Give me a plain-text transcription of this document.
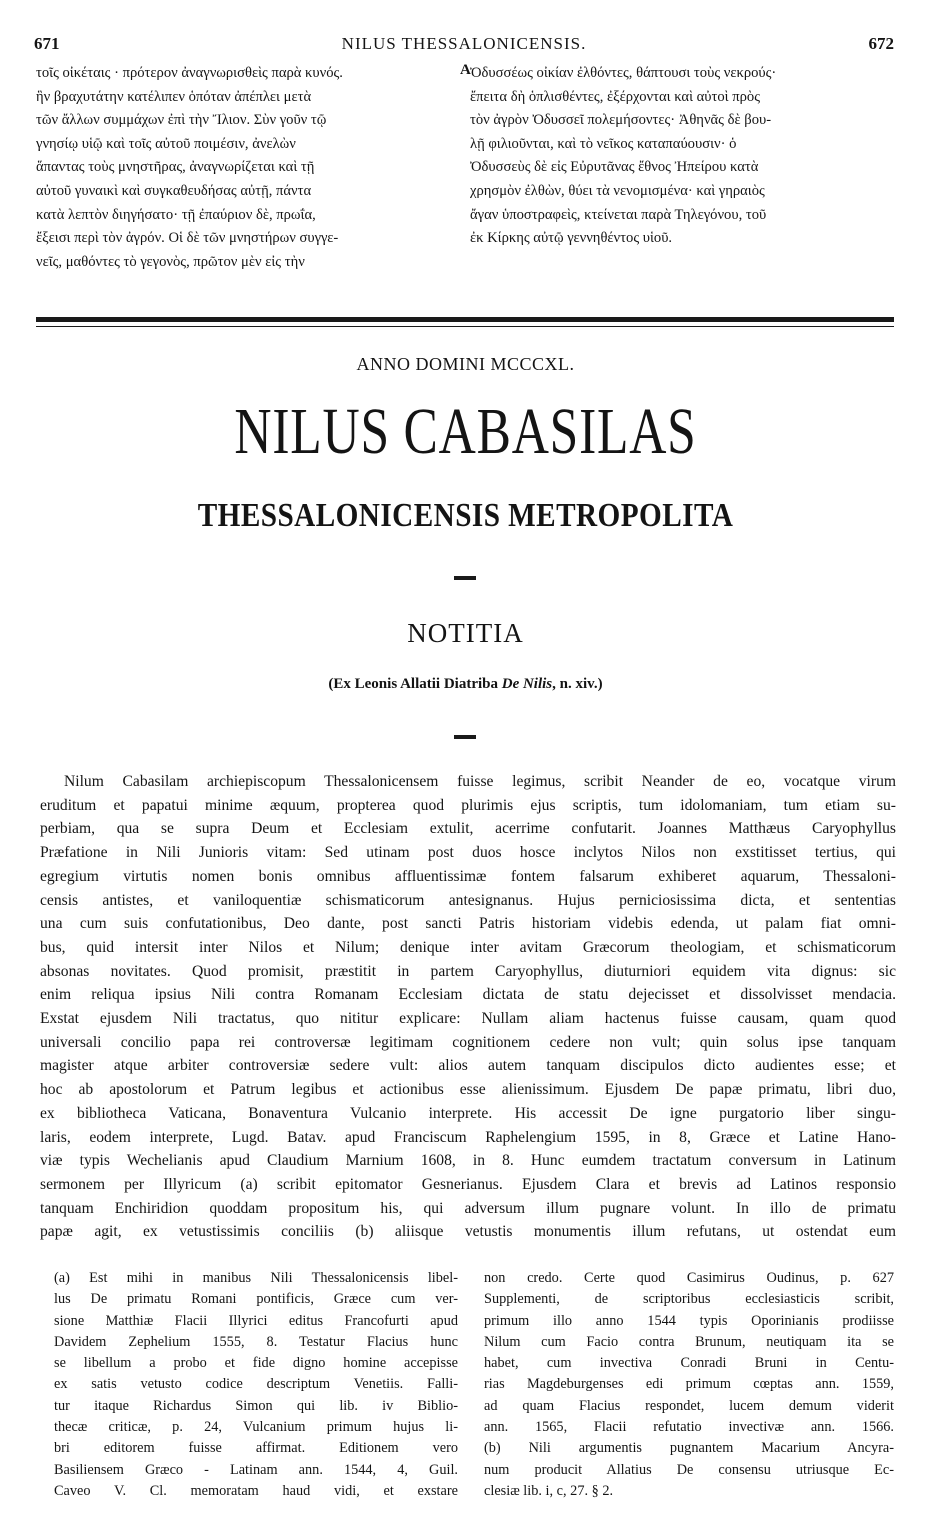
671	NILUS THESSALONICENSIS.	672
τοῖς οἰκέταις · πρότερον ἀναγνωρισθεὶς παρὰ κυνός.
ἣν βραχυτάτην κατέλιπεν ὁπόταν ἀπέπλει μετὰ
τῶν ἄλλων συμμάχων ἐπὶ τὴν Ἴλιον. Σὺν γοῦν τῷ
γνησίῳ υἱῷ καὶ τοῖς αὐτοῦ ποιμέσιν, ἀνελὼν
ἅπαντας τοὺς μνηστῆρας, ἀναγνωρίζεται καὶ τῇ
αὐτοῦ γυναικὶ καὶ συγκαθευδήσας αὐτῇ, πάντα
κατὰ λεπτὸν διηγήσατο· τῇ ἐπαύριον δὲ, πρωΐα,
ἔξεισι περὶ τὸν ἀγρόν. Οἱ δὲ τῶν μνηστήρων συγγε-
νεῖς, μαθόντες τὸ γεγονὸς, πρῶτον μὲν εἰς τὴν
A Ὀδυσσέως οἰκίαν ἐλθόντες, θάπτουσι τοὺς νεκρούς·
ἔπειτα δὴ ὁπλισθέντες, ἐξέρχονται καὶ αὐτοὶ πρὸς
τὸν ἀγρὸν Ὀδυσσεῖ πολεμήσοντες· Ἀθηνᾶς δὲ βου-
λῇ φιλιοῦνται, καὶ τὸ νεῖκος καταπαύουσιν· ὁ
Ὀδυσσεὺς δὲ εἰς Εὐρυτᾶνας ἔθνος Ἠπείρου κατὰ
χρησμὸν ἐλθὼν, θύει τὰ νενομισμένα· καὶ γηραιὸς
ἄγαν ὑποστραφεὶς, κτείνεται παρὰ Τηλεγόνου, τοῦ
ἐκ Κίρκης αὐτῷ γεννηθέντος υἱοῦ.
ANNO DOMINI MCCCXL.
NILUS CABASILAS
THESSALONICENSIS METROPOLITA
NOTITIA
(Ex Leonis Allatii Diatriba De Nilis, n. xiv.)
Nilum Cabasilam archiepiscopum Thessalonicensem fuisse legimus, scribit Neander de eo, vocatque virum
eruditum et papatui minime æquum, propterea quod plurimis ejus scriptis, tum idolomaniam, tum etiam su-
perbiam, qua se supra Deum et Ecclesiam extulit, acerrime confutarit. Joannes Matthæus Caryophyllus
Præfatione in Nili Junioris vitam: Sed utinam post duos hosce inclytos Nilos non exstitisset tertius, qui
egregium virtutis nomen bonis omnibus affluentissimæ fontem falsarum exhiberet aquarum, Thessaloni-
censis antistes, et vaniloquentiæ schismaticorum antesignanus. Hujus perniciosissima dicta, et sententias
una cum suis confutationibus, Deo dante, post sancti Patris historiam videbis edenda, ut palam fiat omni-
bus, quid intersit inter Nilos et Nilum; denique inter avitam Græcorum theologiam, et schismaticorum
absonas novitates. Quod promisit, præstitit in partem Caryophyllus, diuturniori equidem vita dignus: sic
enim reliqua ipsius Nili contra Romanam Ecclesiam dictata de statu dejecisset et dissolvisset mendacia.
Exstat ejusdem Nili tractatus, quo nititur explicare: Nullam aliam hactenus fuisse causam, quam quod
universali concilio papa rei controversæ legitimam cognitionem cedere non vult; quin solus ipse tanquam
magister atque arbiter controversiæ sedere vult: alios autem tanquam discipulos dicto audientes esse; et
hoc ab apostolorum et Patrum legibus et actionibus esse alienissimum. Ejusdem De papæ primatu, libri duo,
ex bibliotheca Vaticana, Bonaventura Vulcanio interprete. His accessit De igne purgatorio liber singu-
laris, eodem interprete, Lugd. Batav. apud Franciscum Raphelengium 1595, in 8, Græce et Latine Hano-
viæ typis Wechelianis apud Claudium Marnium 1608, in 8. Hunc eumdem tractatum conversum in Latinum
sermonem per Illyricum (a) scribit epitomator Gesnerianus. Ejusdem Clara et brevis ad Latinos responsio
tanquam Enchiridion quoddam propositum his, qui adversum illum pugnare volunt. In illo de primatu
papæ agit, ex vetustissimis conciliis (b) aliisque vetustis monumentis illum refutans, ut ostendat eum
(a) Est mihi in manibus Nili Thessalonicensis libel-
lus De primatu Romani pontificis, Græce cum ver-
sione Matthiæ Flacii Illyrici editus Francofurti apud
Davidem Zephelium 1555, 8. Testatur Flacius hunc
se libellum a probo et fide digno homine accepisse
ex satis vetusto codice descriptum Venetiis. Falli-
tur itaque Richardus Simon qui lib. iv Biblio-
thecæ criticæ, p. 24, Vulcanium primum hujus li-
bri editorem fuisse affirmat. Editionem vero
Basiliensem Græco - Latinam ann. 1544, 4, Guil.
Caveo V. Cl. memoratam haud vidi, et exstare
non credo. Certe quod Casimirus Oudinus, p. 627
Supplementi, de scriptoribus ecclesiasticis scribit,
primum illo anno 1544 typis Oporinianis prodiisse
Nilum cum Facio contra Brunum, neutiquam ita se
habet, cum invectiva Conradi Bruni in Centu-
rias Magdeburgenses edi primum cœptas ann. 1559,
ad quam Flacius respondet, lucem demum viderit
ann. 1565, Flacii refutatio invectivæ ann. 1566.
(b) Nili argumentis pugnantem Macarium Ancyra-
num producit Allatius De consensu utriusque Ec-
clesiæ lib. i, c, 27. § 2.
